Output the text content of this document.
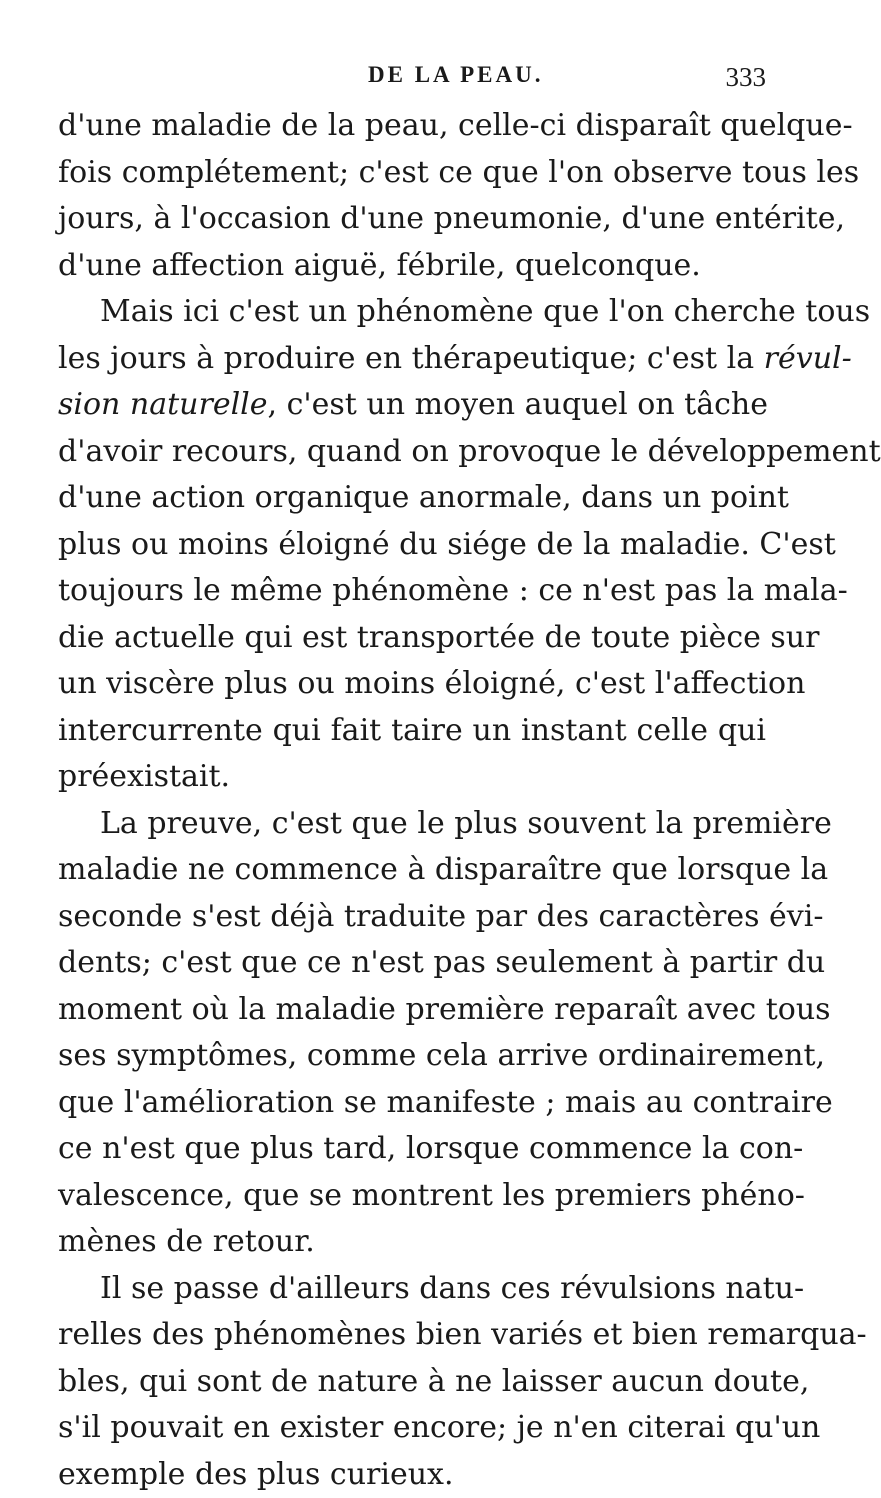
DE LA PEAU.	333
d'une maladie de la peau, celle-ci disparaît quelque-
fois complétement; c'est ce que l'on observe tous les
jours, à l'occasion d'une pneumonie, d'une entérite,
d'une affection aiguë, fébrile, quelconque.
Mais ici c'est un phénomène que l'on cherche tous
les jours à produire en thérapeutique; c'est la révul-
sion naturelle, c'est un moyen auquel on tâche
d'avoir recours, quand on provoque le développement
d'une action organique anormale, dans un point
plus ou moins éloigné du siége de la maladie. C'est
toujours le même phénomène : ce n'est pas la mala-
die actuelle qui est transportée de toute pièce sur
un viscère plus ou moins éloigné, c'est l'affection
intercurrente qui fait taire un instant celle qui
préexistait.
La preuve, c'est que le plus souvent la première
maladie ne commence à disparaître que lorsque la
seconde s'est déjà traduite par des caractères évi-
dents; c'est que ce n'est pas seulement à partir du
moment où la maladie première reparaît avec tous
ses symptômes, comme cela arrive ordinairement,
que l'amélioration se manifeste ; mais au contraire
ce n'est que plus tard, lorsque commence la con-
valescence, que se montrent les premiers phéno-
mènes de retour.
Il se passe d'ailleurs dans ces révulsions natu-
relles des phénomènes bien variés et bien remarqua-
bles, qui sont de nature à ne laisser aucun doute,
s'il pouvait en exister encore; je n'en citerai qu'un
exemple des plus curieux.
